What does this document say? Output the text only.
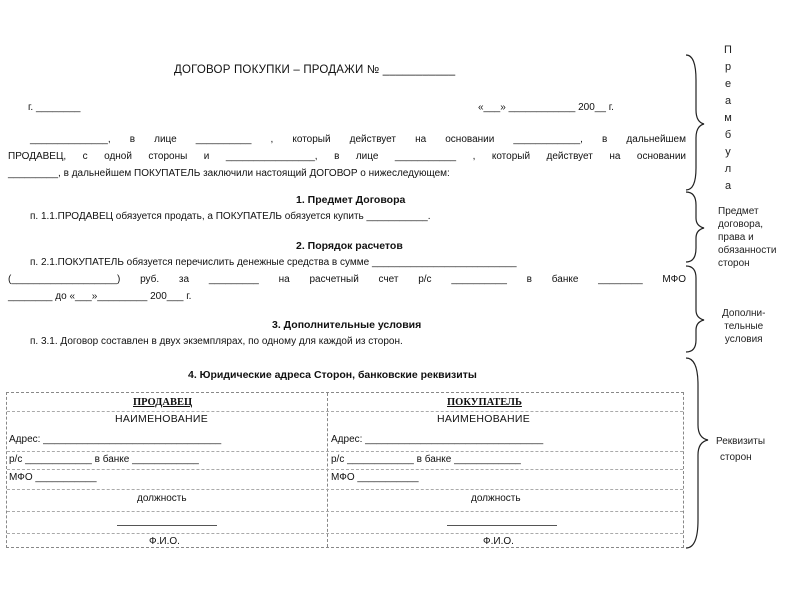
ДОГОВОР ПОКУПКИ – ПРОДАЖИ № ___________
г. ________	«___» ____________ 200__ г.
______________, в лице __________ , который действует на основании ____________, в дальнейшем
ПРОДАВЕЦ, с одной стороны и ________________, в лице ___________ , который действует на основании
_________, в дальнейшем ПОКУПАТЕЛЬ заключили настоящий ДОГОВОР о нижеследующем:
1. Предмет Договора
п. 1.1.ПРОДАВЕЦ обязуется продать, а ПОКУПАТЕЛЬ обязуется купить ___________.
2. Порядок расчетов
п. 2.1.ПОКУПАТЕЛЬ обязуется перечислить денежные средства в сумме __________________________
(___________________) руб. за _________ на расчетный счет р/с __________ в банке ________ МФО
________ до «___»_________ 200___ г.
3. Дополнительные условия
п. 3.1. Договор составлен в двух экземплярах, по одному для каждой из сторон.
4. Юридические адреса Сторон, банковские реквизиты
ПРОДАВЕЦ
НАИМЕНОВАНИЕ
Адрес: ________________________________
р/с ____________ в банке ____________
МФО ___________
должность
Ф.И.О.
ПОКУПАТЕЛЬ
НАИМЕНОВАНИЕ
Адрес: ________________________________
р/с ____________ в банке ____________
МФО ___________
должность
Ф.И.О.
П
р
е
а
м
б
у
л
а
Предмет
договора,
права и
обязанности
сторон
Дополни-
тельные
условия
Реквизиты
сторон
